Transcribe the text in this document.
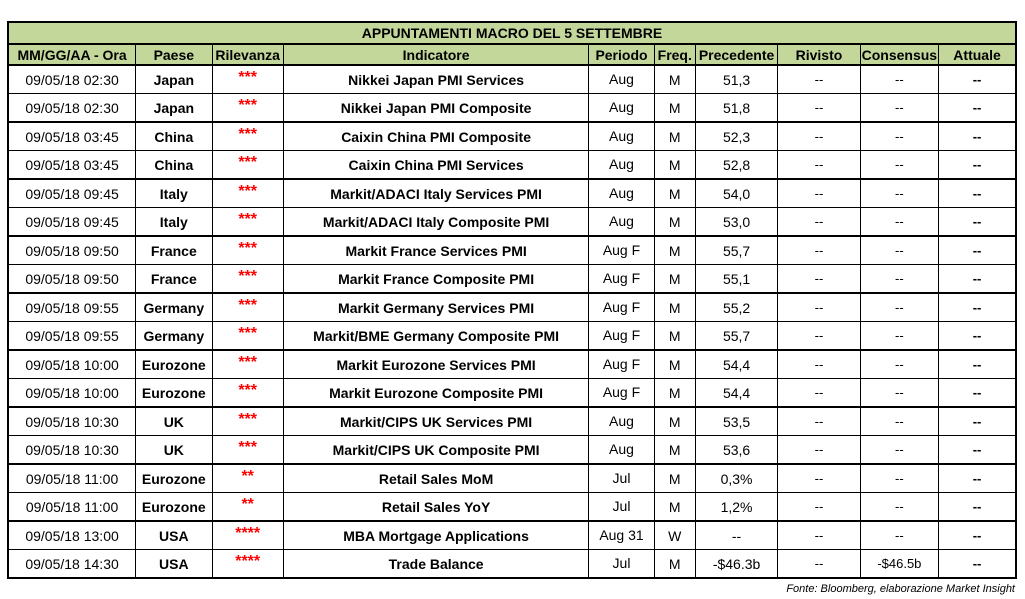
APPUNTAMENTI MACRO DEL 5 SETTEMBRE									
MM/GG/AA - Ora	Paese	Rilevanza	Indicatore	Periodo	Freq.	Precedente	Rivisto	Consensus	Attuale
09/05/18 02:30	Japan	***	Nikkei Japan PMI Services	Aug	M	51,3	--	--	--
09/05/18 02:30	Japan	***	Nikkei Japan PMI Composite	Aug	M	51,8	--	--	--
09/05/18 03:45	China	***	Caixin China PMI Composite	Aug	M	52,3	--	--	--
09/05/18 03:45	China	***	Caixin China PMI Services	Aug	M	52,8	--	--	--
09/05/18 09:45	Italy	***	Markit/ADACI Italy Services PMI	Aug	M	54,0	--	--	--
09/05/18 09:45	Italy	***	Markit/ADACI Italy Composite PMI	Aug	M	53,0	--	--	--
09/05/18 09:50	France	***	Markit France Services PMI	Aug F	M	55,7	--	--	--
09/05/18 09:50	France	***	Markit France Composite PMI	Aug F	M	55,1	--	--	--
09/05/18 09:55	Germany	***	Markit Germany Services PMI	Aug F	M	55,2	--	--	--
09/05/18 09:55	Germany	***	Markit/BME Germany Composite PMI	Aug F	M	55,7	--	--	--
09/05/18 10:00	Eurozone	***	Markit Eurozone Services PMI	Aug F	M	54,4	--	--	--
09/05/18 10:00	Eurozone	***	Markit Eurozone Composite PMI	Aug F	M	54,4	--	--	--
09/05/18 10:30	UK	***	Markit/CIPS UK Services PMI	Aug	M	53,5	--	--	--
09/05/18 10:30	UK	***	Markit/CIPS UK Composite PMI	Aug	M	53,6	--	--	--
09/05/18 11:00	Eurozone	**	Retail Sales MoM	Jul	M	0,3%	--	--	--
09/05/18 11:00	Eurozone	**	Retail Sales YoY	Jul	M	1,2%	--	--	--
09/05/18 13:00	USA	****	MBA Mortgage Applications	Aug 31	W	--	--	--	--
09/05/18 14:30	USA	****	Trade Balance	Jul	M	-$46.3b	--	-$46.5b	--
Fonte: Bloomberg, elaborazione Market Insight
